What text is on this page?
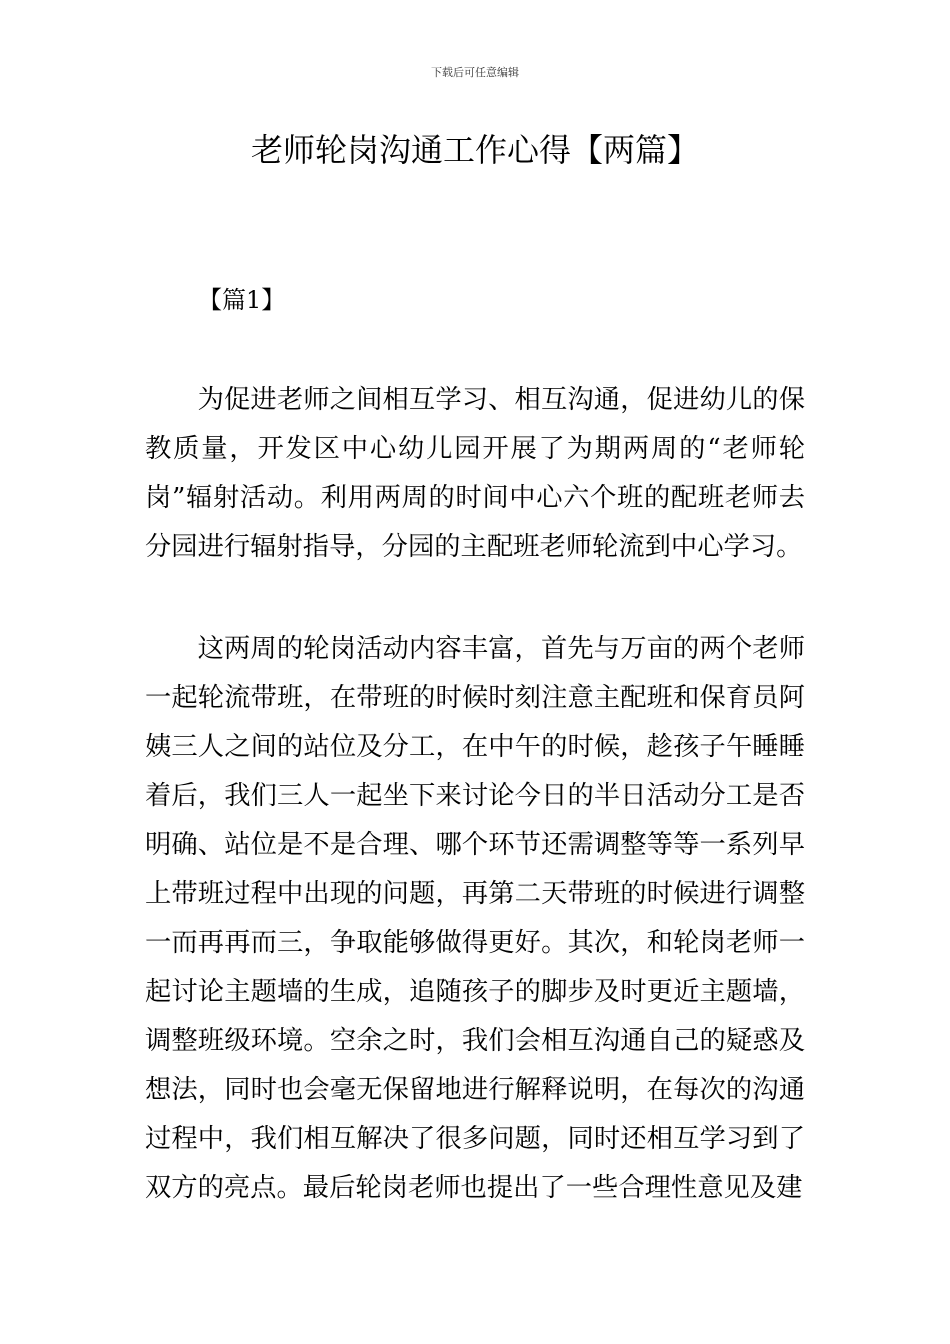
下载后可任意编辑
老师轮岗沟通工作心得【两篇】

【篇1】

为促进老师之间相互学习、相互沟通，促进幼儿的保教质量，开发区中心幼儿园开展了为期两周的“老师轮岗”辐射活动。利用两周的时间中心六个班的配班老师去分园进行辐射指导，分园的主配班老师轮流到中心学习。

这两周的轮岗活动内容丰富，首先与万亩的两个老师一起轮流带班，在带班的时候时刻注意主配班和保育员阿姨三人之间的站位及分工，在中午的时候，趁孩子午睡睡着后，我们三人一起坐下来讨论今日的半日活动分工是否明确、站位是不是合理、哪个环节还需调整等等一系列早上带班过程中出现的问题，再第二天带班的时候进行调整一而再再而三，争取能够做得更好。其次，和轮岗老师一起讨论主题墙的生成，追随孩子的脚步及时更近主题墙，调整班级环境。空余之时，我们会相互沟通自己的疑惑及想法，同时也会毫无保留地进行解释说明，在每次的沟通过程中，我们相互解决了很多问题，同时还相互学习到了双方的亮点。最后轮岗老师也提出了一些合理性意见及建
